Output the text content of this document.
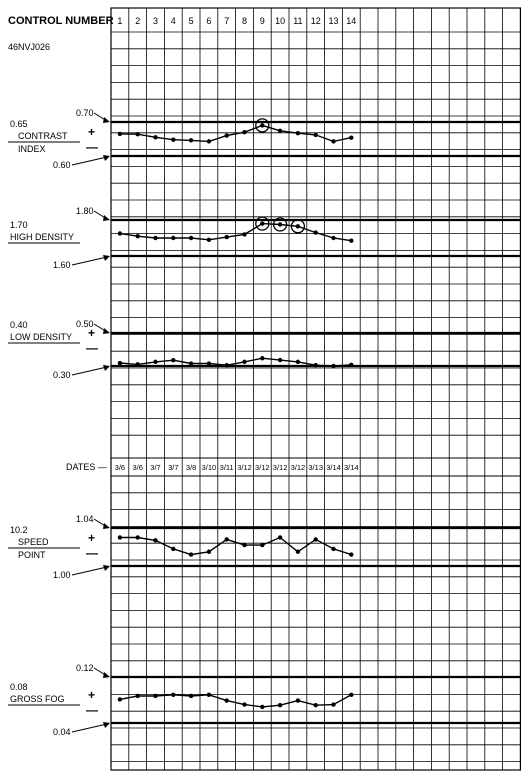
CONTROL NUMBER 1 2 3 4 5 6 7 8 9 10 11 12 13 14
46NVJ026
DATES — 3/6 3/6 3/7 3/7 3/8 3/10 3/11 3/12 3/12 3/12 3/12 3/13 3/14 3/14
0.70
0.60
0.65
CONTRAST
INDEX
+
—
1.80
1.60
1.70
HIGH DENSITY
0.50
0.30
0.40
LOW DENSITY +
—
1.04
1.00
10.2
SPEED
POINT
+
—
0.12
0.04
0.08
GROSS FOG +
—
